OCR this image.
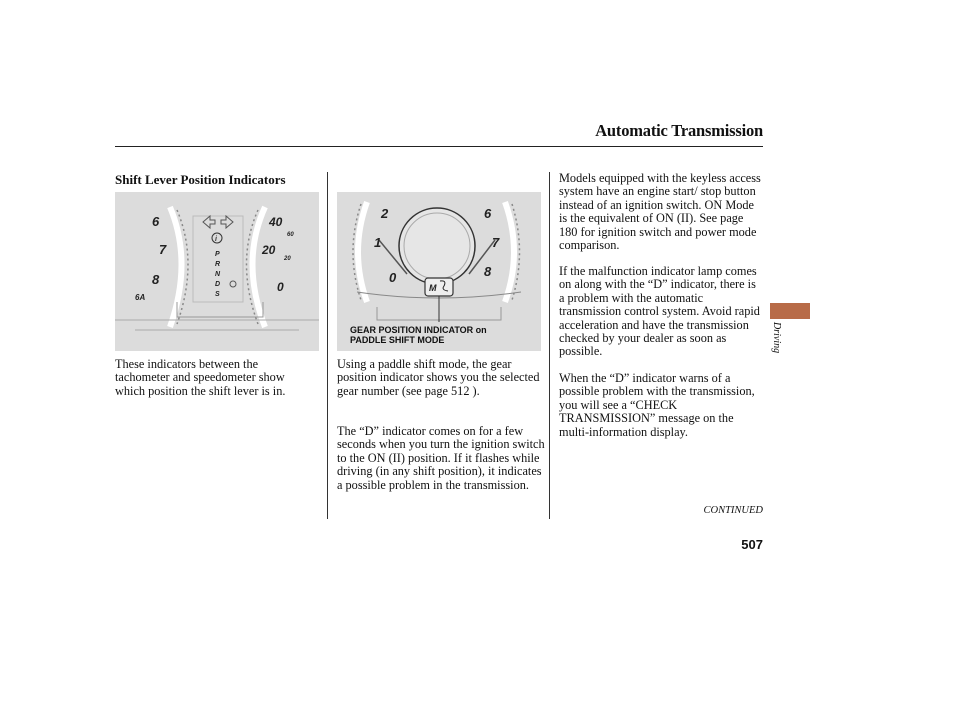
Automatic Transmission
Shift Lever Position Indicators
i
6
7
8
6A
40
20
0
60
20
P
R
N
D
S
These indicators between the tachometer and speedometer show which position the shift lever is in.
M
2
1
0
6
7
8
GEAR POSITION INDICATOR on
PADDLE SHIFT MODE
Using a paddle shift mode, the gear position indicator shows you the selected gear number (see page 512 ).
The “D” indicator comes on for a few seconds when you turn the ignition switch to the ON (II) position. If it flashes while driving (in any shift position), it indicates a possible problem in the transmission.
Models equipped with the keyless access system have an engine start/ stop button instead of an ignition switch. ON Mode is the equivalent of ON (II). See page 180 for ignition switch and power mode comparison.
If the malfunction indicator lamp comes on along with the “D” indicator, there is a problem with the automatic transmission control system. Avoid rapid acceleration and have the transmission checked by your dealer as soon as possible.
When the “D” indicator warns of a possible problem with the transmission, you will see a “CHECK TRANSMISSION” message on the multi-information display.
Driving
CONTINUED
507
